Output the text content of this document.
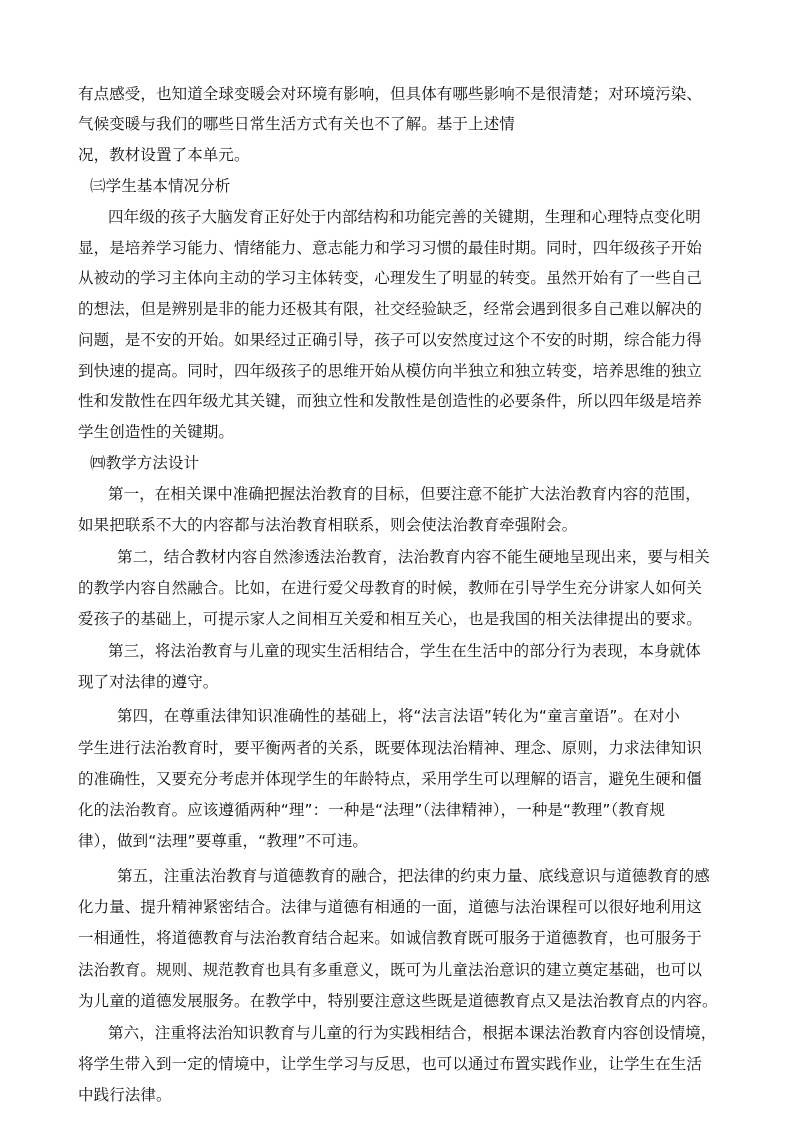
有点感受，也知道全球变暖会对环境有影响，但具体有哪些影响不是很清楚；对环境污染、

气候变暖与我们的哪些日常生活方式有关也不了解。基于上述情

况，教材设置了本单元。

㈢学生基本情况分析

四年级的孩子大脑发育正好处于内部结构和功能完善的关键期，生理和心理特点变化明

显，是培养学习能力、情绪能力、意志能力和学习习惯的最佳时期。同时，四年级孩子开始

从被动的学习主体向主动的学习主体转变，心理发生了明显的转变。虽然开始有了一些自己

的想法，但是辨别是非的能力还极其有限，社交经验缺乏，经常会遇到很多自己难以解决的

问题，是不安的开始。如果经过正确引导，孩子可以安然度过这个不安的时期，综合能力得

到快速的提高。同时，四年级孩子的思维开始从模仿向半独立和独立转变，培养思维的独立

性和发散性在四年级尤其关键，而独立性和发散性是创造性的必要条件，所以四年级是培养

学生创造性的关键期。

㈣教学方法设计

第一，在相关课中准确把握法治教育的目标，但要注意不能扩大法治教育内容的范围，

如果把联系不大的内容都与法治教育相联系，则会使法治教育牵强附会。

第二，结合教材内容自然渗透法治教育，法治教育内容不能生硬地呈现出来，要与相关

的教学内容自然融合。比如，在进行爱父母教育的时候，教师在引导学生充分讲家人如何关

爱孩子的基础上，可提示家人之间相互关爱和相互关心，也是我国的相关法律提出的要求。

第三，将法治教育与儿童的现实生活相结合，学生在生活中的部分行为表现，本身就体

现了对法律的遵守。

第四，在尊重法律知识准确性的基础上，将“法言法语”转化为“童言童语”。在对小

学生进行法治教育时，要平衡两者的关系，既要体现法治精神、理念、原则，力求法律知识

的准确性，又要充分考虑并体现学生的年龄特点，采用学生可以理解的语言，避免生硬和僵

化的法治教育。应该遵循两种“理”：一种是“法理”（法律精神），一种是“教理”（教育规

律），做到“法理”要尊重，“教理”不可违。

第五，注重法治教育与道德教育的融合，把法律的约束力量、底线意识与道德教育的感

化力量、提升精神紧密结合。法律与道德有相通的一面，道德与法治课程可以很好地利用这

一相通性，将道德教育与法治教育结合起来。如诚信教育既可服务于道德教育，也可服务于

法治教育。规则、规范教育也具有多重意义，既可为儿童法治意识的建立奠定基础，也可以

为儿童的道德发展服务。在教学中，特别要注意这些既是道德教育点又是法治教育点的内容。

第六，注重将法治知识教育与儿童的行为实践相结合，根据本课法治教育内容创设情境，

将学生带入到一定的情境中，让学生学习与反思，也可以通过布置实践作业，让学生在生活

中践行法律。
